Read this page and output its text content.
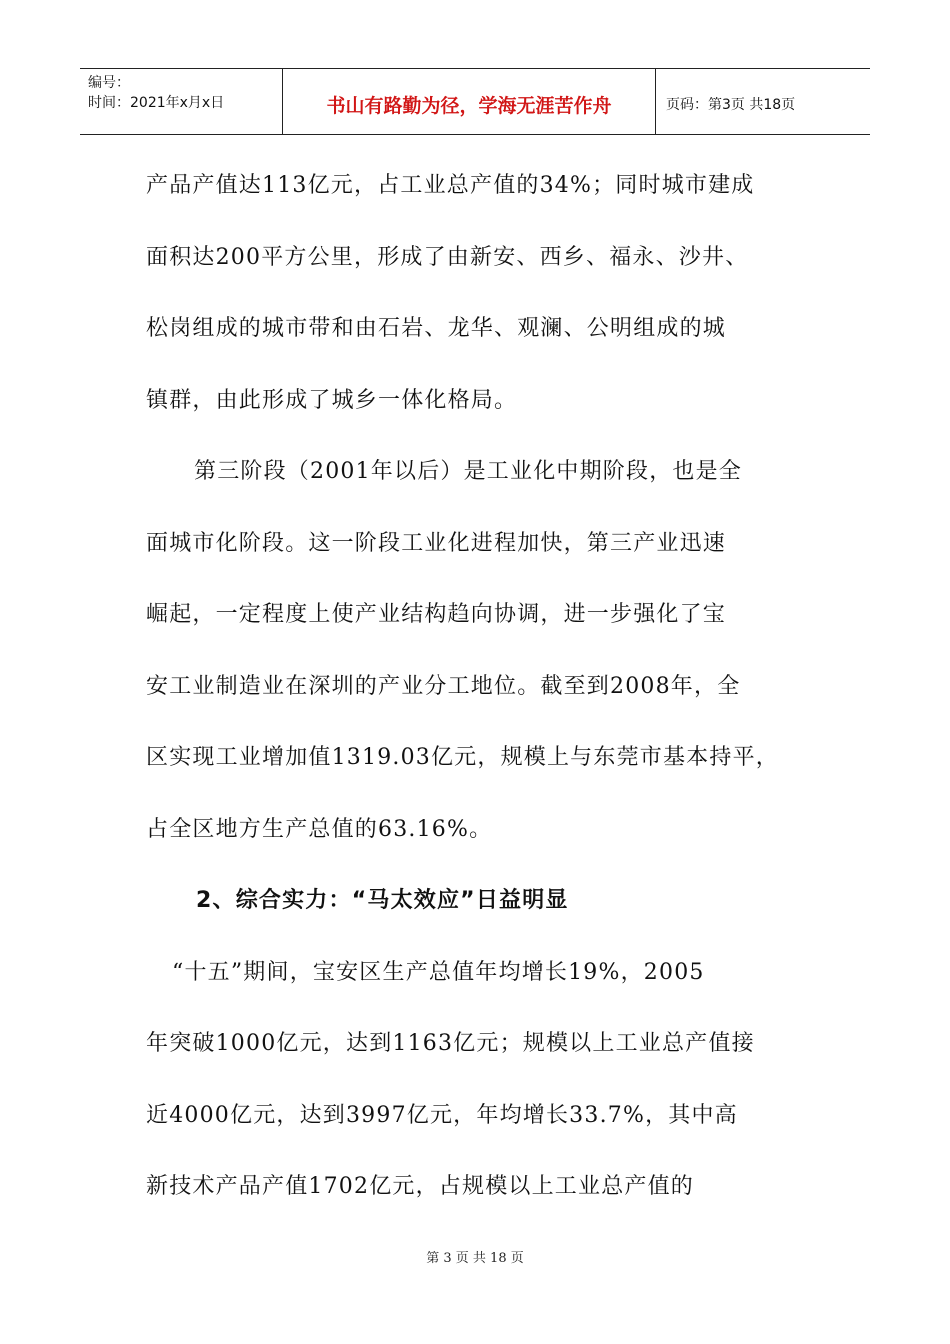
编号：
时间：2021年x月x日	书山有路勤为径，学海无涯苦作舟	页码：第3页 共18页
产品产值达113亿元，占工业总产值的34%；同时城市建成
面积达200平方公里，形成了由新安、西乡、福永、沙井、
松岗组成的城市带和由石岩、龙华、观澜、公明组成的城
镇群，由此形成了城乡一体化格局。
第三阶段（2001年以后）是工业化中期阶段，也是全
面城市化阶段。这一阶段工业化进程加快，第三产业迅速
崛起，一定程度上使产业结构趋向协调，进一步强化了宝
安工业制造业在深圳的产业分工地位。截至到2008年，全
区实现工业增加值1319.03亿元，规模上与东莞市基本持平，
占全区地方生产总值的63.16%。
2、综合实力：“马太效应”日益明显
“十五”期间，宝安区生产总值年均增长19%，2005
年突破1000亿元，达到1163亿元；规模以上工业总产值接
近4000亿元，达到3997亿元，年均增长33.7%，其中高
新技术产品产值1702亿元，占规模以上工业总产值的
第 3 页 共 18 页
